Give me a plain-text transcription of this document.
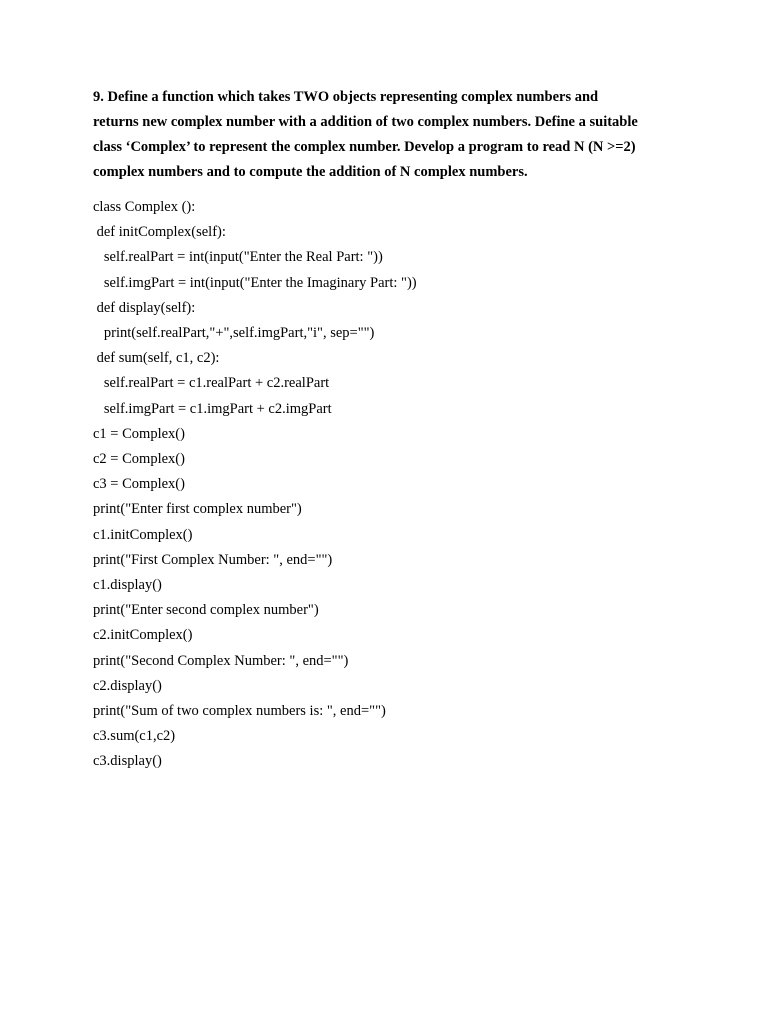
9. Define a function which takes TWO objects representing complex numbers and
returns new complex number with a addition of two complex numbers. Define a suitable
class ‘Complex’ to represent the complex number. Develop a program to read N (N >=2)
complex numbers and to compute the addition of N complex numbers.
class Complex ():
def initComplex(self):
self.realPart = int(input("Enter the Real Part: "))
self.imgPart = int(input("Enter the Imaginary Part: "))
def display(self):
print(self.realPart,"+",self.imgPart,"i", sep="")
def sum(self, c1, c2):
self.realPart = c1.realPart + c2.realPart
self.imgPart = c1.imgPart + c2.imgPart
c1 = Complex()
c2 = Complex()
c3 = Complex()
print("Enter first complex number")
c1.initComplex()
print("First Complex Number: ", end="")
c1.display()
print("Enter second complex number")
c2.initComplex()
print("Second Complex Number: ", end="")
c2.display()
print("Sum of two complex numbers is: ", end="")
c3.sum(c1,c2)
c3.display()
